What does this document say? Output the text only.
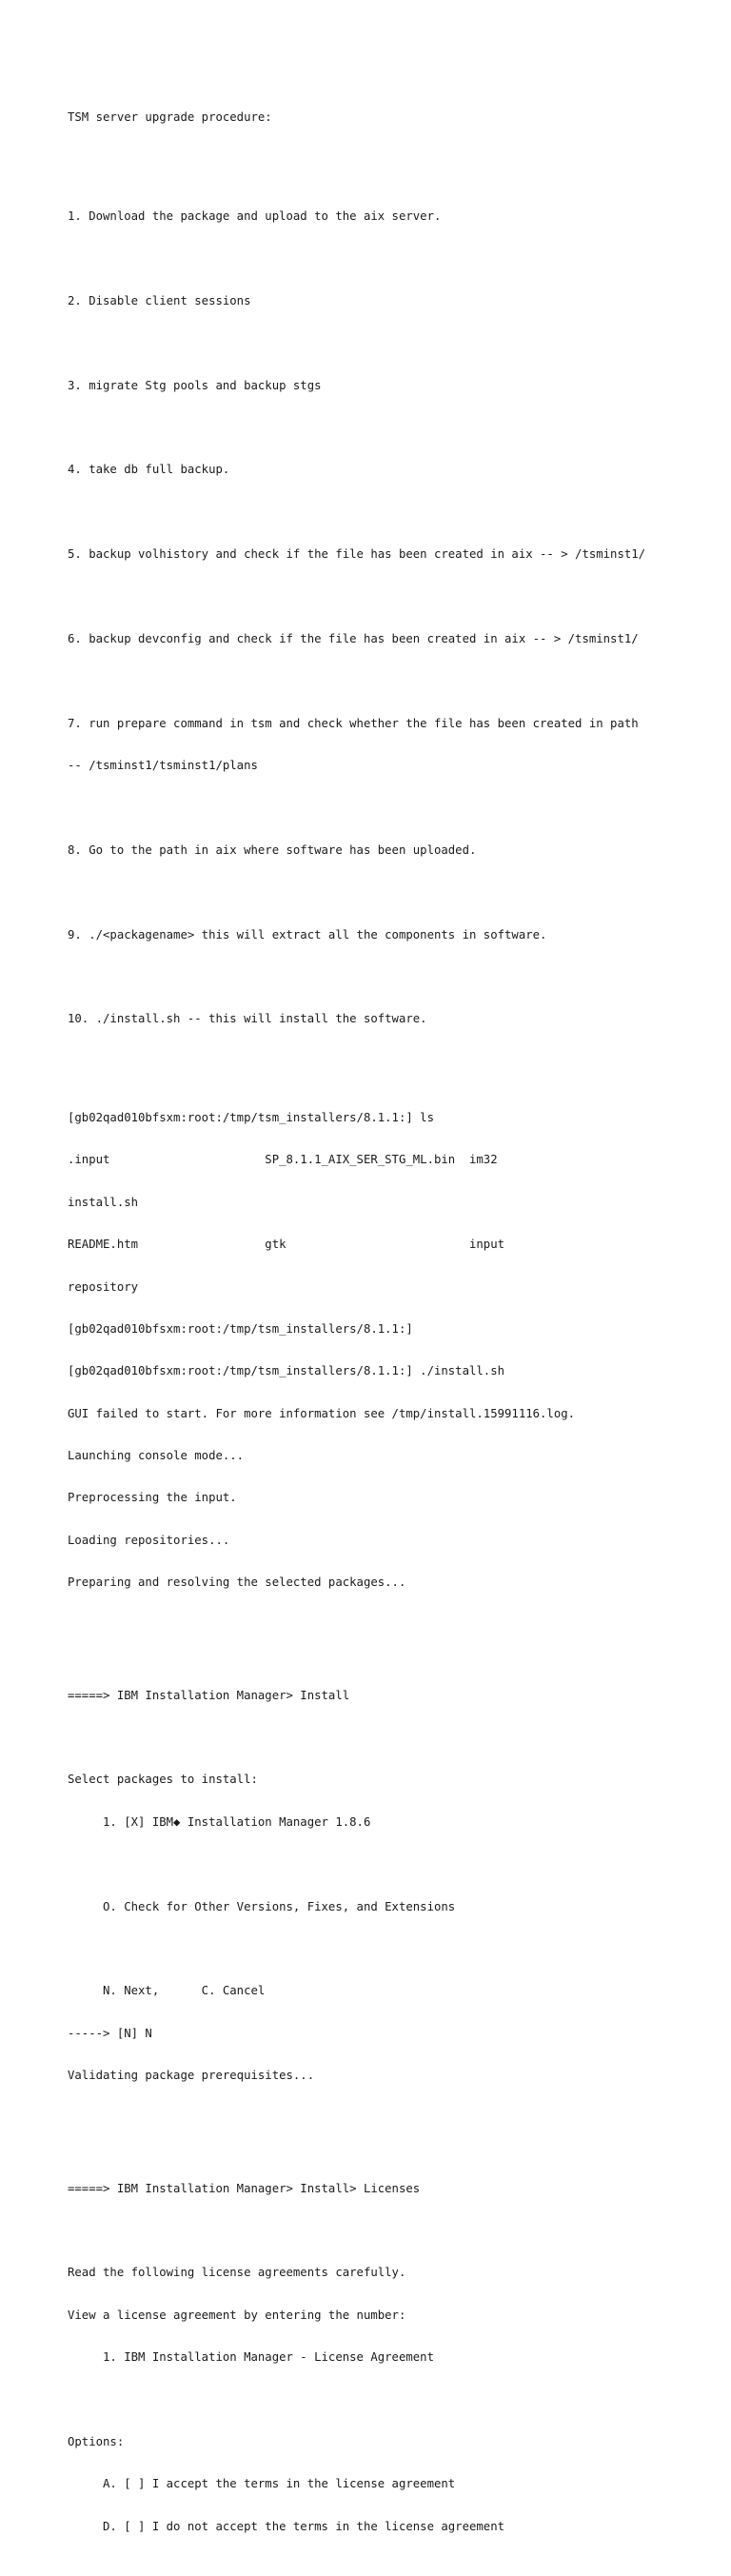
TSM server upgrade procedure:

1. Download the package and upload to the aix server.

2. Disable client sessions

3. migrate Stg pools and backup stgs

4. take db full backup.

5. backup volhistory and check if the file has been created in aix -- > /tsminst1/

6. backup devconfig and check if the file has been created in aix -- > /tsminst1/

7. run prepare command in tsm and check whether the file has been created in path

-- /tsminst1/tsminst1/plans

8. Go to the path in aix where software has been uploaded.

9. ./<packagename> this will extract all the components in software.

10. ./install.sh -- this will install the software.

[gb02qad010bfsxm:root:/tmp/tsm_installers/8.1.1:] ls

.input                      SP_8.1.1_AIX_SER_STG_ML.bin  im32

install.sh

README.htm                  gtk                          input

repository

[gb02qad010bfsxm:root:/tmp/tsm_installers/8.1.1:]

[gb02qad010bfsxm:root:/tmp/tsm_installers/8.1.1:] ./install.sh

GUI failed to start. For more information see /tmp/install.15991116.log.

Launching console mode...

Preprocessing the input.

Loading repositories...

Preparing and resolving the selected packages...

=====> IBM Installation Manager> Install

Select packages to install:

1. [X] IBM◆ Installation Manager 1.8.6

O. Check for Other Versions, Fixes, and Extensions

N. Next,      C. Cancel

-----> [N] N

Validating package prerequisites...

=====> IBM Installation Manager> Install> Licenses

Read the following license agreements carefully.

View a license agreement by entering the number:

1. IBM Installation Manager - License Agreement

Options:

A. [ ] I accept the terms in the license agreement

D. [ ] I do not accept the terms in the license agreement
